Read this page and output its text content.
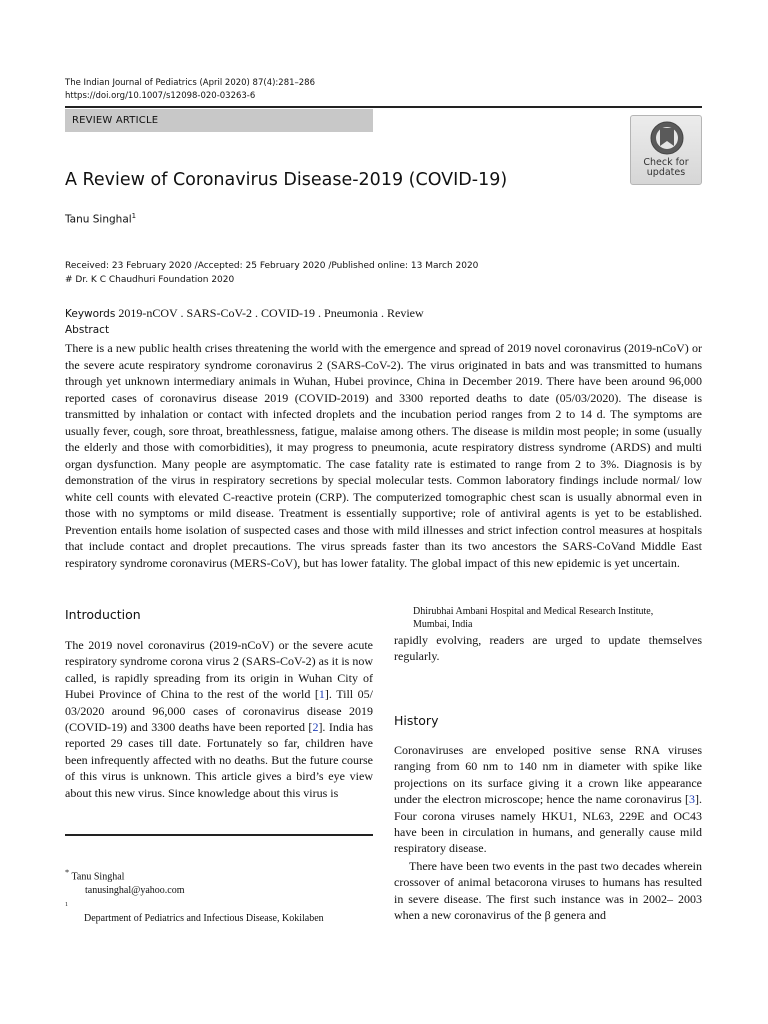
The Indian Journal of Pediatrics (April 2020) 87(4):281–286
https://doi.org/10.1007/s12098-020-03263-6
REVIEW ARTICLE
Check for
updates
A Review of Coronavirus Disease-2019 (COVID-19)
Tanu Singhal$^1$
Received: 23 February 2020 /Accepted: 25 February 2020 /Published online: 13 March 2020
# Dr. K C Chaudhuri Foundation 2020
Keywords 2019-nCOV . SARS-CoV-2 . COVID-19 . Pneumonia . Review
Abstract
There is a new public health crises threatening the world with the emergence and spread of 2019 novel coronavirus (2019-nCoV) or the severe acute respiratory syndrome coronavirus 2 (SARS-CoV-2). The virus originated in bats and was transmitted to humans through yet unknown intermediary animals in Wuhan, Hubei province, China in December 2019. There have been around 96,000 reported cases of coronavirus disease 2019 (COVID-2019) and 3300 reported deaths to date (05/03/2020). The disease is transmitted by inhalation or contact with infected droplets and the incubation period ranges from 2 to 14 d. The symptoms are usually fever, cough, sore throat, breathlessness, fatigue, malaise among others. The disease is mildin most people; in some (usually the elderly and those with comorbidities), it may progress to pneumonia, acute respiratory distress syndrome (ARDS) and multi organ dysfunction. Many people are asymptomatic. The case fatality rate is estimated to range from 2 to 3%. Diagnosis is by demonstration of the virus in respiratory secretions by special molecular tests. Common laboratory findings include normal/ low white cell counts with elevated C-reactive protein (CRP). The computerized tomographic chest scan is usually abnormal even in those with no symptoms or mild disease. Treatment is essentially supportive; role of antiviral agents is yet to be established. Prevention entails home isolation of suspected cases and those with mild illnesses and strict infection control measures at hospitals that include contact and droplet precautions. The virus spreads faster than its two ancestors the SARS-CoVand Middle East respiratory syndrome coronavirus (MERS-CoV), but has lower fatality. The global impact of this new epidemic is yet uncertain.
Introduction
The 2019 novel coronavirus (2019-nCoV) or the severe acute respiratory syndrome corona virus 2 (SARS-CoV-2) as it is now called, is rapidly spreading from its origin in Wuhan City of Hubei Province of China to the rest of the world [1]. Till 05/ 03/2020 around 96,000 cases of coronavirus disease 2019 (COVID-19) and 3300 deaths have been reported [2]. India has reported 29 cases till date. Fortunately so far, children have been infrequently affected with no deaths. But the future course of this virus is unknown. This article gives a bird’s eye view about this new virus. Since knowledge about this virus is
* Tanu Singhal
tanusinghal@yahoo.com
$^1$
Department of Pediatrics and Infectious Disease, Kokilaben
Dhirubhai Ambani Hospital and Medical Research Institute,
Mumbai, India
rapidly evolving, readers are urged to update themselves regularly.
History
Coronaviruses are enveloped positive sense RNA viruses ranging from 60 nm to 140 nm in diameter with spike like projections on its surface giving it a crown like appearance under the electron microscope; hence the name coronavirus [3]. Four corona viruses namely HKU1, NL63, 229E and OC43 have been in circulation in humans, and generally cause mild respiratory disease.
There have been two events in the past two decades wherein crossover of animal betacorona viruses to humans has resulted in severe disease. The first such instance was in 2002– 2003 when a new coronavirus of the β genera and
